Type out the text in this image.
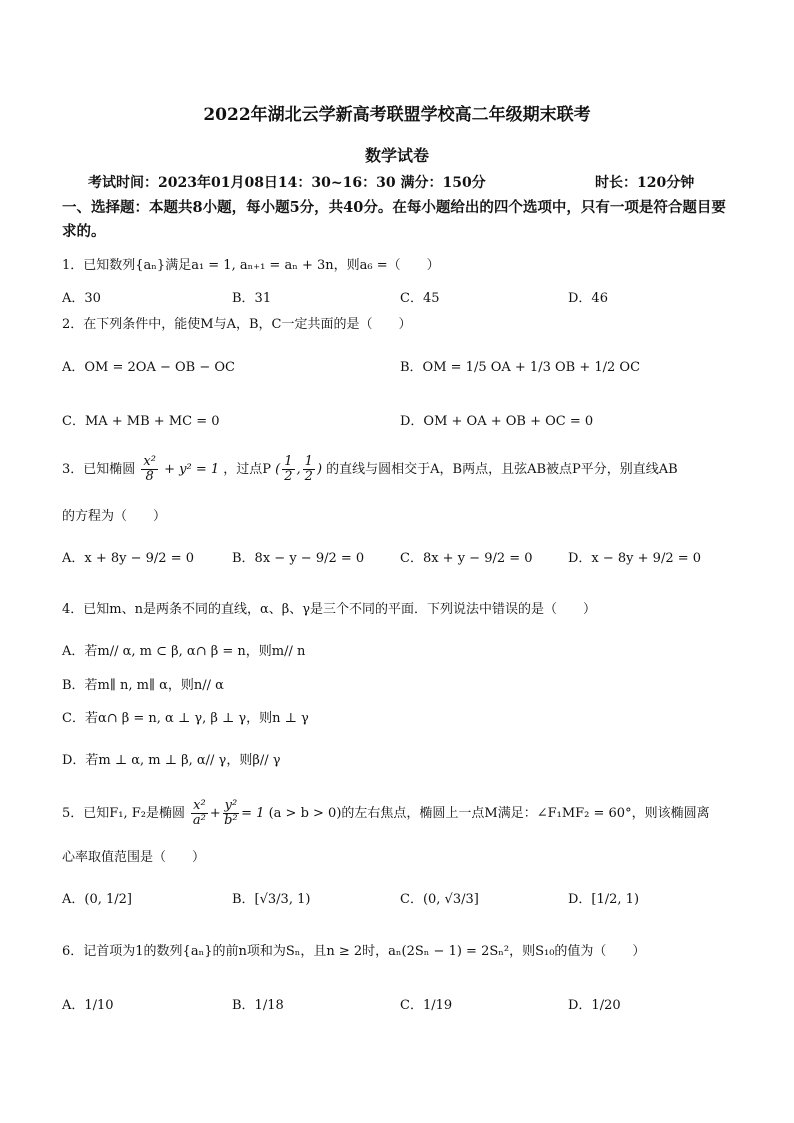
2022年湖北云学新高考联盟学校高二年级期末联考
数学试卷
考试时间：2023年01月08日14：30~16：30 满分：150分	时长：120分钟
一、选择题：本题共8小题，每小题5分，共40分。在每小题给出的四个选项中，只有一项是符合题目要求的。
1．已知数列{aₙ}满足a₁ = 1, aₙ₊₁ = aₙ + 3n，则a₆ =（　　）
A．30	B．31	C．45	D．46
2．在下列条件中，能使M与A，B，C一定共面的是（　　）
A．OM = 2OA − OB − OC	B．OM = 1/5 OA + 1/3 OB + 1/2 OC
C．MA + MB + MC = 0	D．OM + OA + OB + OC = 0
3．已知椭圆 $\frac{\text{x²}}{8} + y^2 = 1$ ，过点P ( $\frac{1}{2}$ , $\frac{1}{2}$ ) 的直线与圆相交于A，B两点，且弦AB被点P平分，别直线AB
的方程为（　　）
A．x + 8y − 9/2 = 0	B．8x − y − 9/2 = 0	C．8x + y − 9/2 = 0	D．x − 8y + 9/2 = 0
4．已知m、n是两条不同的直线，α、β、γ是三个不同的平面．下列说法中错误的是（　　）
A．若m// α, m ⊂ β, α∩ β = n，则m// n
B．若m∥ n, m∥ α，则n// α
C．若α∩ β = n, α ⊥ γ, β ⊥ γ，则n ⊥ γ
D．若m ⊥ α, m ⊥ β, α// γ，则β// γ
5．已知F₁, F₂是椭圆 $\frac{\text{x²}}{\text{a²}} + \frac{\text{y²}}{\text{b²}} = 1$ (a > b > 0)的左右焦点，椭圆上一点M满足：∠F₁MF₂ = 60°，则该椭圆离
心率取值范围是（　　）
A．(0, 1/2]	B．[√3/3, 1)	C．(0, √3/3]	D．[1/2, 1)
6．记首项为1的数列{aₙ}的前n项和为Sₙ，且n ≥ 2时，aₙ(2Sₙ − 1) = 2Sₙ²，则S₁₀的值为（　　）
A．1/10	B．1/18	C．1/19	D．1/20
